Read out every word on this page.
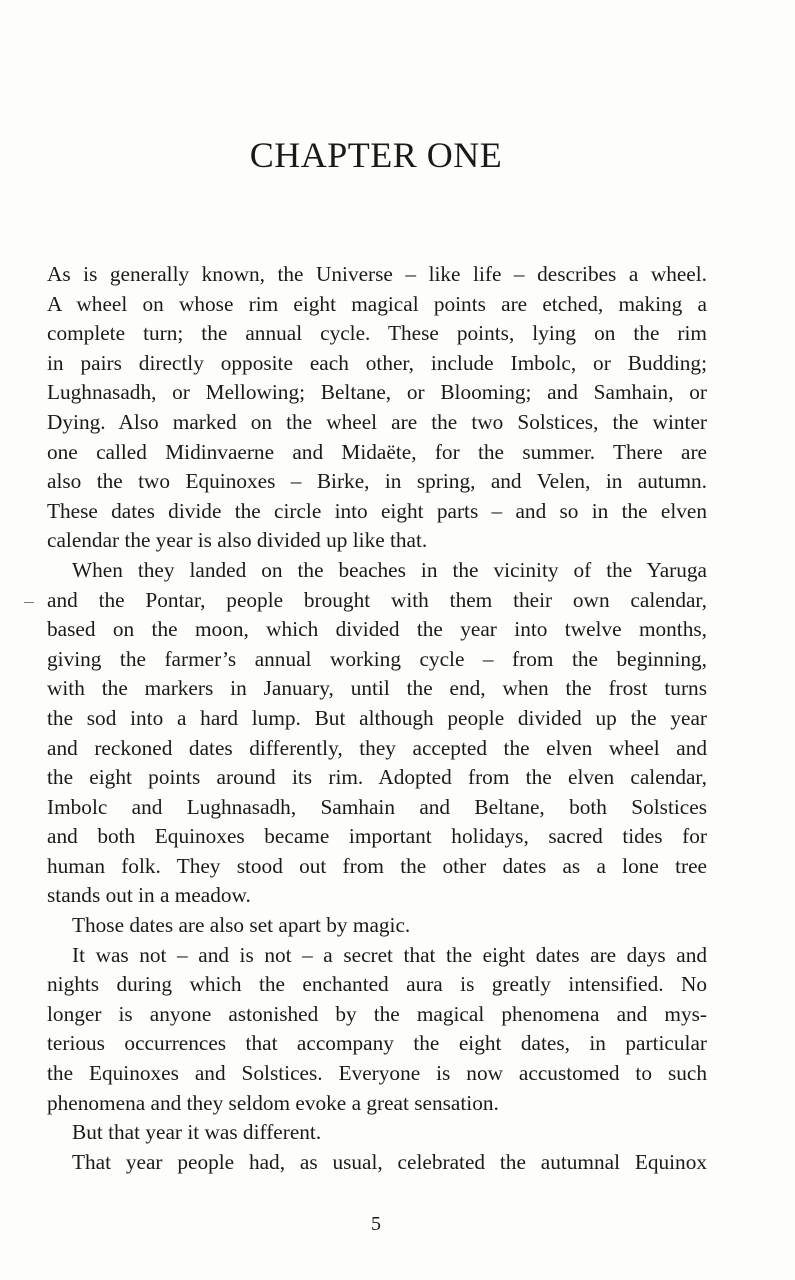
CHAPTER ONE
As is generally known, the Universe – like life – describes a wheel.
A wheel on whose rim eight magical points are etched, making a
complete turn; the annual cycle. These points, lying on the rim
in pairs directly opposite each other, include Imbolc, or Budding;
Lughnasadh, or Mellowing; Beltane, or Blooming; and Samhain, or
Dying. Also marked on the wheel are the two Solstices, the winter
one called Midinvaerne and Midaëte, for the summer. There are
also the two Equinoxes – Birke, in spring, and Velen, in autumn.
These dates divide the circle into eight parts – and so in the elven
calendar the year is also divided up like that.
When they landed on the beaches in the vicinity of the Yaruga
and the Pontar, people brought with them their own calendar,
based on the moon, which divided the year into twelve months,
giving the farmer’s annual working cycle – from the beginning,
with the markers in January, until the end, when the frost turns
the sod into a hard lump. But although people divided up the year
and reckoned dates differently, they accepted the elven wheel and
the eight points around its rim. Adopted from the elven calendar,
Imbolc and Lughnasadh, Samhain and Beltane, both Solstices
and both Equinoxes became important holidays, sacred tides for
human folk. They stood out from the other dates as a lone tree
stands out in a meadow.
Those dates are also set apart by magic.
It was not – and is not – a secret that the eight dates are days and
nights during which the enchanted aura is greatly intensified. No
longer is anyone astonished by the magical phenomena and mys-
terious occurrences that accompany the eight dates, in particular
the Equinoxes and Solstices. Everyone is now accustomed to such
phenomena and they seldom evoke a great sensation.
But that year it was different.
That year people had, as usual, celebrated the autumnal Equinox
5
